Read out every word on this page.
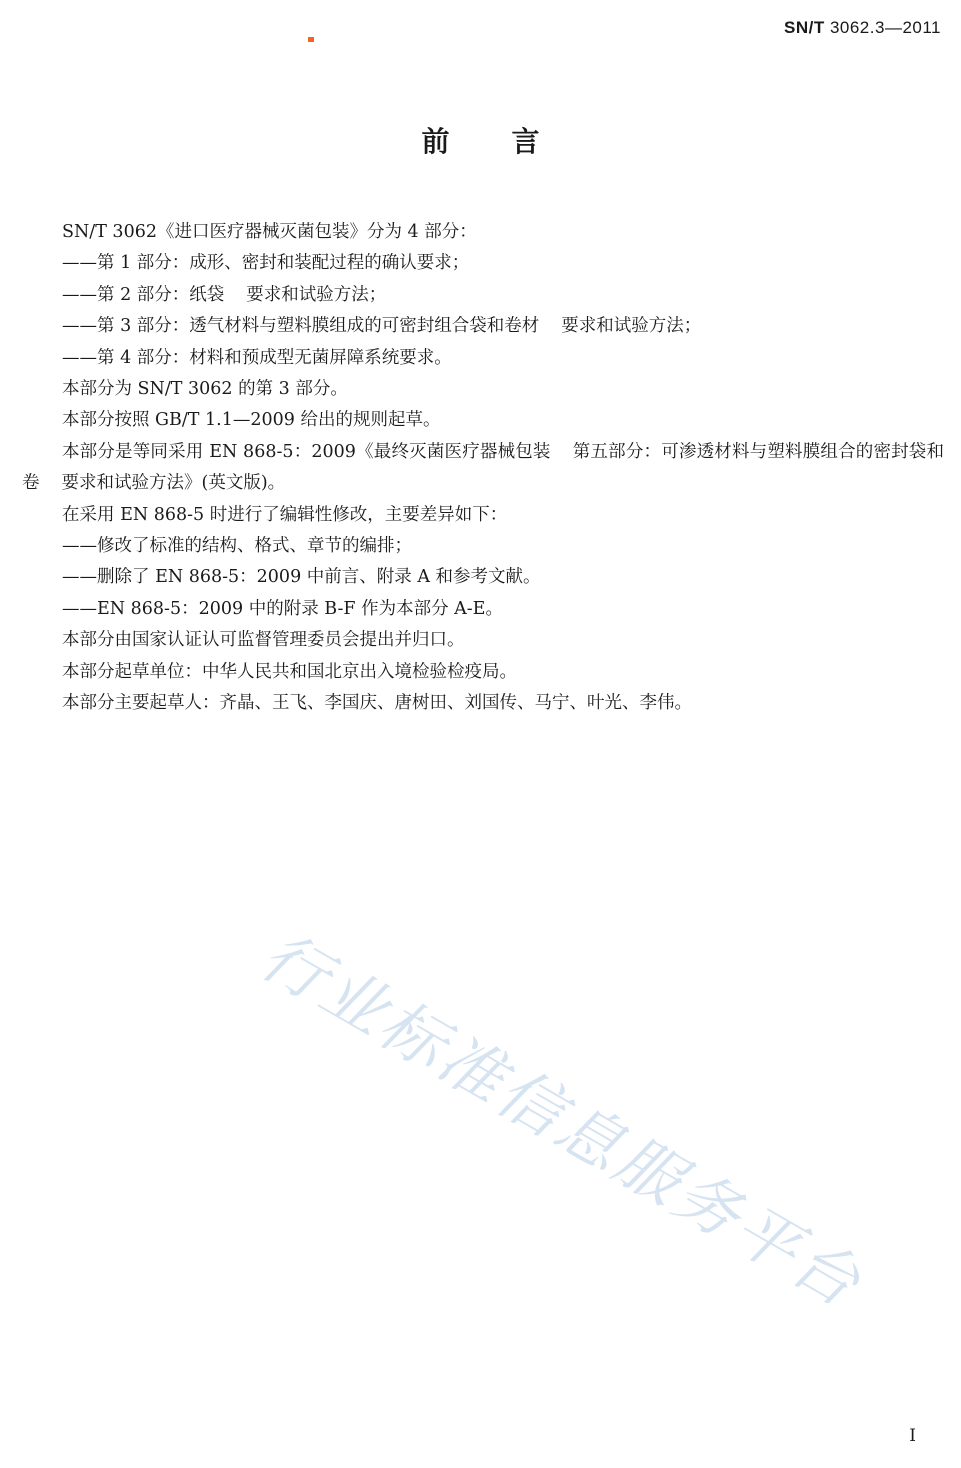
SN/T 3062.3—2011
前言

SN/T 3062《进口医疗器械灭菌包装》分为 4 部分：

——第 1 部分：成形、密封和装配过程的确认要求；

——第 2 部分：纸袋 要求和试验方法；

——第 3 部分：透气材料与塑料膜组成的可密封组合袋和卷材 要求和试验方法；

——第 4 部分：材料和预成型无菌屏障系统要求。

本部分为 SN/T 3062 的第 3 部分。

本部分按照 GB/T 1.1—2009 给出的规则起草。

本部分是等同采用 EN 868-5：2009《最终灭菌医疗器械包装 第五部分：可渗透材料与塑料膜组合的密封袋和卷 要求和试验方法》(英文版)。

在采用 EN 868-5 时进行了编辑性修改，主要差异如下：

——修改了标准的结构、格式、章节的编排；

——删除了 EN 868-5：2009 中前言、附录 A 和参考文献。

——EN 868-5：2009 中的附录 B-F 作为本部分 A-E。

本部分由国家认证认可监督管理委员会提出并归口。

本部分起草单位：中华人民共和国北京出入境检验检疫局。

本部分主要起草人：齐晶、王飞、李国庆、唐树田、刘国传、马宁、叶光、李伟。

行业标准信息服务平台
I
